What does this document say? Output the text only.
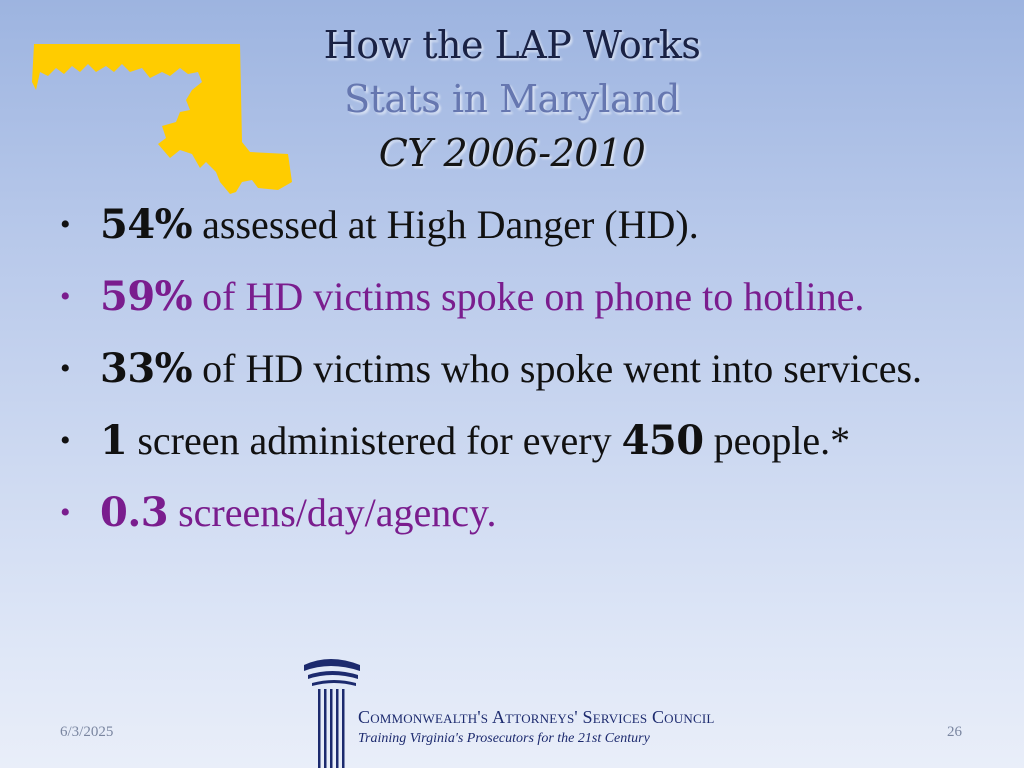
How the LAP Works
Stats in Maryland
CY 2006-2010
• 54% assessed at High Danger (HD).
• 59% of HD victims spoke on phone to hotline.
• 33% of HD victims who spoke went into services.
• 1 screen administered for every 450 people.*
• 0.3 screens/day/agency.
6/3/2025
Commonwealth's Attorneys' Services Council
Training Virginia's Prosecutors for the 21st Century	26
